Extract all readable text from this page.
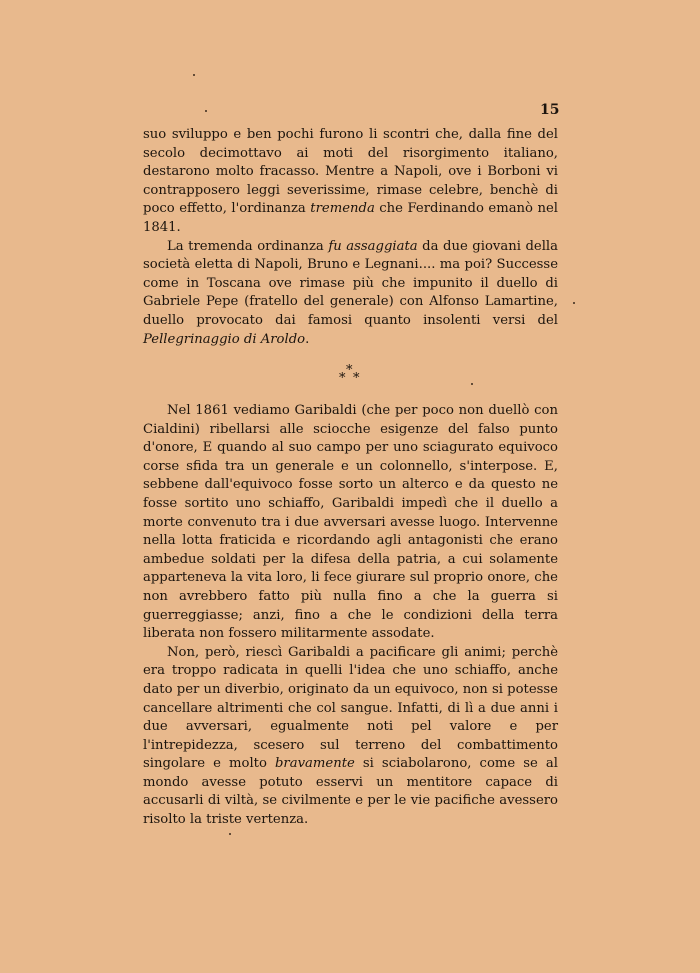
15

suo sviluppo e ben pochi furono li scontri che, dalla fine del secolo decimottavo ai moti del risorgimento italiano, destarono molto fracasso. Mentre a Napoli, ove i Borboni vi contrapposero leggi severissime, rimase celebre, benchè di poco effetto, l'ordinanza tremenda che Ferdinando emanò nel 1841.

La tremenda ordinanza fu assaggiata da due giovani della società eletta di Napoli, Bruno e Legnani.... ma poi? Successe come in Toscana ove rimase più che impunito il duello di Gabriele Pepe (fratello del generale) con Alfonso Lamartine, duello provocato dai famosi quanto insolenti versi del Pellegrinaggio di Aroldo.

*
* *

Nel 1861 vediamo Garibaldi (che per poco non duellò con Cialdini) ribellarsi alle sciocche esigenze del falso punto d'onore, E quando al suo campo per uno sciagurato equivoco corse sfida tra un generale e un colonnello, s'interpose. E, sebbene dall'equivoco fosse sorto un alterco e da questo ne fosse sortito uno schiaffo, Garibaldi impedì che il duello a morte convenuto tra i due avversari avesse luogo. Intervenne nella lotta fraticida e ricordando agli antagonisti che erano ambedue soldati per la difesa della patria, a cui solamente apparteneva la vita loro, li fece giurare sul proprio onore, che non avrebbero fatto più nulla fino a che la guerra si guerreggiasse; anzi, fino a che le condizioni della terra liberata non fossero militarmente assodate.

Non, però, riescì Garibaldi a pacificare gli animi; perchè era troppo radicata in quelli l'idea che uno schiaffo, anche dato per un diverbio, originato da un equivoco, non si potesse cancellare altrimenti che col sangue. Infatti, di lì a due anni i due avversari, egualmente noti pel valore e per l'intrepidezza, scesero sul terreno del combattimento singolare e molto bravamente si sciabolarono, come se al mondo avesse potuto esservi un mentitore capace di accusarli di viltà, se civilmente e per le vie pacifiche avessero risolto la triste vertenza.
